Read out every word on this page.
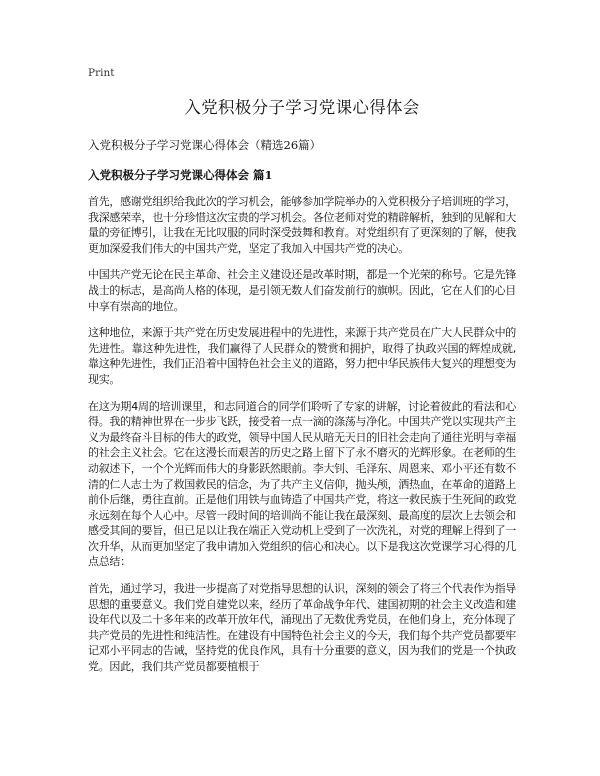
Print
入党积极分子学习党课心得体会
入党积极分子学习党课心得体会（精选26篇）
入党积极分子学习党课心得体会 篇1

首先，感谢党组织给我此次的学习机会，能够参加学院举办的入党积极分子培训班的学习，我深感荣幸，也十分珍惜这次宝贵的学习机会。各位老师对党的精辟解析，独到的见解和大量的旁征博引，让我在无比叹服的同时深受鼓舞和教育。对党组织有了更深刻的了解，使我更加深爱我们伟大的中国共产党，坚定了我加入中国共产党的决心。

中国共产党无论在民主革命、社会主义建设还是改革时期，都是一个光荣的称号。它是先锋战士的标志，是高尚人格的体现，是引领无数人们奋发前行的旗帜。因此，它在人们的心目中享有崇高的地位。

这种地位，来源于共产党在历史发展进程中的先进性，来源于共产党员在广大人民群众中的先进性。靠这种先进性，我们赢得了人民群众的赞赏和拥护，取得了执政兴国的辉煌成就,靠这种先进性，我们正沿着中国特色社会主义的道路，努力把中华民族伟大复兴的理想变为现实。

在这为期4周的培训课里，和志同道合的同学们聆听了专家的讲解，讨论着彼此的看法和心得。我的精神世界在一步步飞跃，接受着一点一滴的涤荡与净化。中国共产党以实现共产主义为最终奋斗目标的伟大的政党，领导中国人民从暗无天日的旧社会走向了通往光明与幸福的社会主义社会。它在这漫长而艰苦的历史之路上留下了永不磨灭的光辉形象。在老师的生动叙述下，一个个光辉而伟大的身影跃然眼前。李大钊、毛泽东、周恩来、邓小平还有数不清的仁人志士为了救国救民的信念，为了共产主义信仰，抛头颅，洒热血，在革命的道路上前仆后继，勇往直前。正是他们用铁与血铸造了中国共产党，将这一救民族于生死间的政党永远刻在每个人心中。尽管一段时间的培训尚不能让我在最深刻、最高度的层次上去领会和感受其间的要旨，但已足以让我在端正入党动机上受到了一次洗礼，对党的理解上得到了一次升华，从而更加坚定了我申请加入党组织的信心和决心。以下是我这次党课学习心得的几点总结：

首先，通过学习，我进一步提高了对党指导思想的认识，深刻的领会了将三个代表作为指导思想的重要意义。我们党自建党以来，经历了革命战争年代、建国初期的社会主义改造和建设年代以及二十多年来的改革开放年代，涌现出了无数优秀党员，在他们身上，充分体现了共产党员的先进性和纯洁性。在建设有中国特色社会主义的今天，我们每个共产党员都要牢记邓小平同志的告诫，坚持党的优良作风，具有十分重要的意义，因为我们的党是一个执政党。因此，我们共产党员都要植根于
